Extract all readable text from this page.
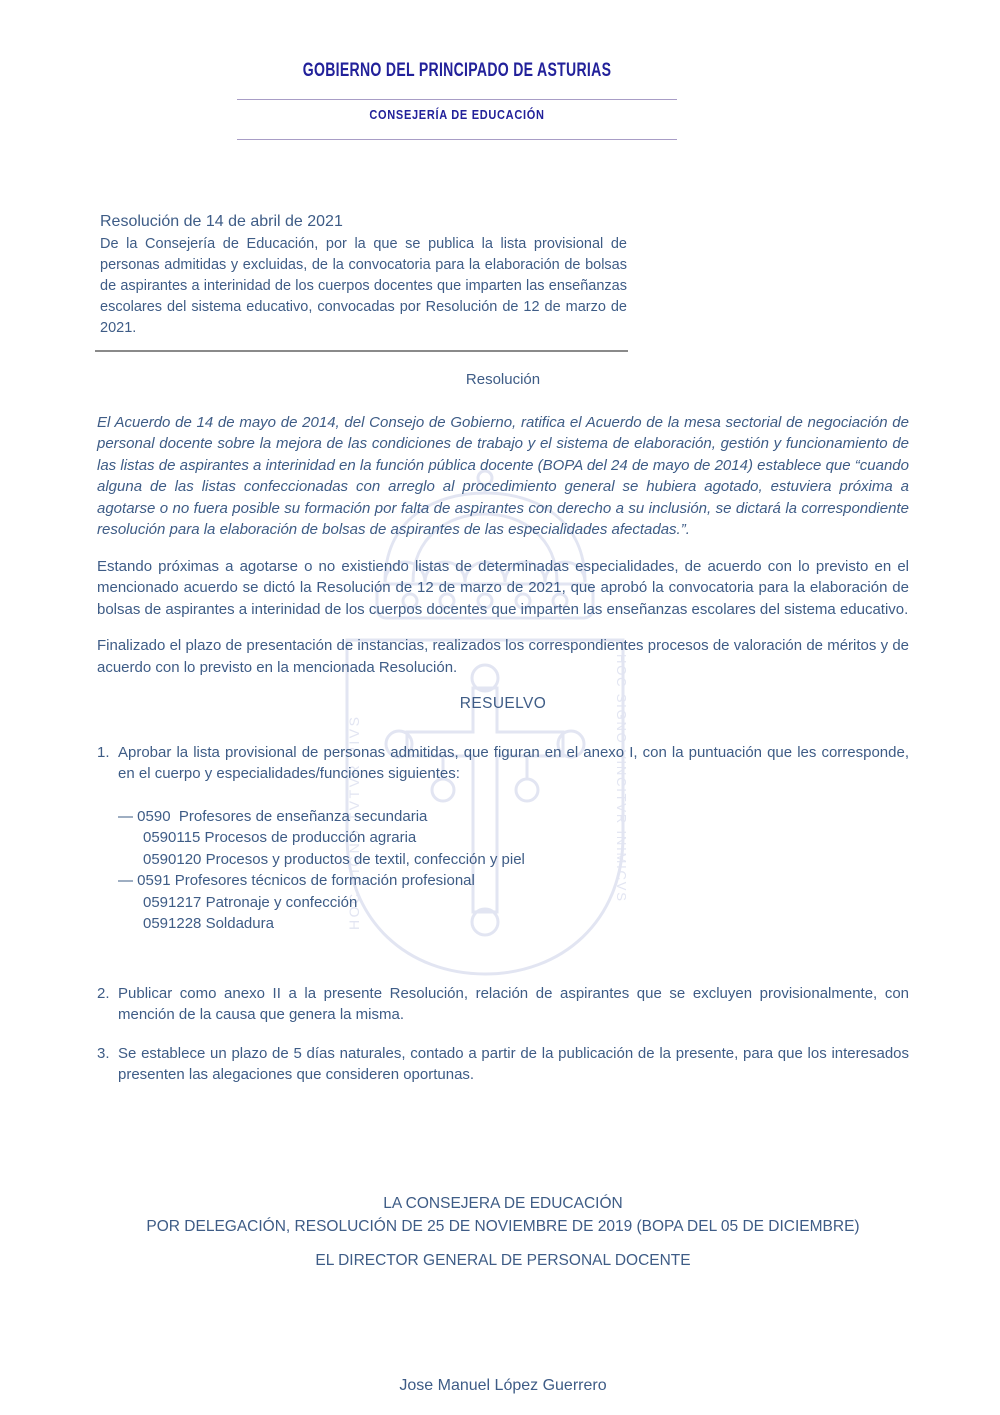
HOC SIGNO TVTVR PIVS	HOC SIGNO VINCITVR INIMICVS
GOBIERNO DEL PRINCIPADO DE ASTURIAS
CONSEJERÍA DE EDUCACIÓN
Resolución de 14 de abril de 2021

De la Consejería de Educación, por la que se publica la lista provisional de personas admitidas y excluidas, de la convocatoria para la elaboración de bolsas de aspirantes a interinidad de los cuerpos docentes que imparten las enseñanzas escolares del sistema educativo, convocadas por Resolución de 12 de marzo de 2021.

Resolución

El Acuerdo de 14 de mayo de 2014, del Consejo de Gobierno, ratifica el Acuerdo de la mesa sectorial de negociación de personal docente sobre la mejora de las condiciones de trabajo y el sistema de elaboración, gestión y funcionamiento de las listas de aspirantes a interinidad en la función pública docente (BOPA del 24 de mayo de 2014) establece que “cuando alguna de las listas confeccionadas con arreglo al procedimiento general se hubiera agotado, estuviera próxima a agotarse o no fuera posible su formación por falta de aspirantes con derecho a su inclusión, se dictará la correspondiente resolución para la elaboración de bolsas de aspirantes de las especialidades afectadas.”.

Estando próximas a agotarse o no existiendo listas de determinadas especialidades, de acuerdo con lo previsto en el mencionado acuerdo se dictó la Resolución de 12 de marzo de 2021, que aprobó la convocatoria para la elaboración de bolsas de aspirantes a interinidad de los cuerpos docentes que imparten las enseñanzas escolares del sistema educativo.

Finalizado el plazo de presentación de instancias, realizados los correspondientes procesos de valoración de méritos y de acuerdo con lo previsto en la mencionada Resolución.

RESUELVO
1. Aprobar la lista provisional de personas admitidas, que figuran en el anexo I, con la puntuación que les corresponde, en el cuerpo y especialidades/funciones siguientes:

— 0590  Profesores de enseñanza secundaria
0590115 Procesos de producción agraria
0590120 Procesos y productos de textil, confección y piel
— 0591 Profesores técnicos de formación profesional
0591217 Patronaje y confección
0591228 Soldadura
2. Publicar como anexo II a la presente Resolución, relación de aspirantes que se excluyen provisionalmente, con mención de la causa que genera la misma.

3. Se establece un plazo de 5 días naturales, contado a partir de la publicación de la presente, para que los interesados presenten las alegaciones que consideren oportunas.

LA CONSEJERA DE EDUCACIÓN
POR DELEGACIÓN, RESOLUCIÓN DE 25 DE NOVIEMBRE DE 2019 (BOPA DEL 05 DE DICIEMBRE)
EL DIRECTOR GENERAL DE PERSONAL DOCENTE
Jose Manuel López Guerrero
